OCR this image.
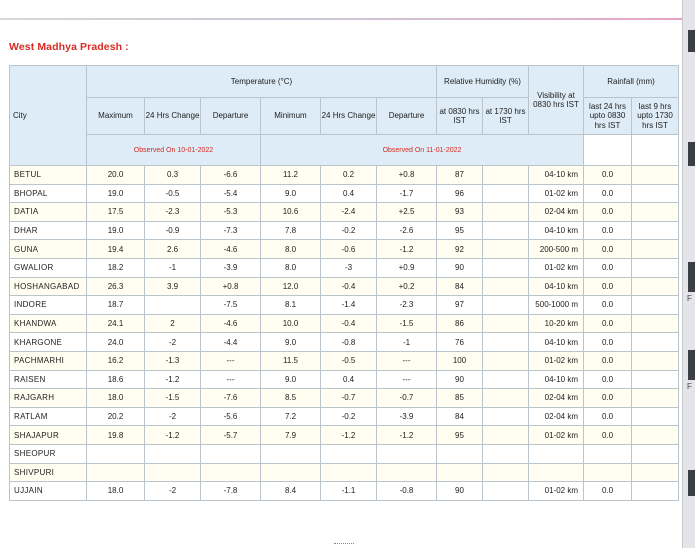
F
F
West Madhya Pradesh :
City	Temperature (°C)						Relative Humidity (%)		Visibility at 0830 hrs IST	Rainfall (mm)	
	Maximum	24 Hrs Change	Departure	Minimum	24 Hrs Change	Departure	at 0830 hrs IST	at 1730 hrs IST		last 24 hrs upto 0830 hrs IST	last 9 hrs upto 1730 hrs IST
	Observed On 10-01-2022			Observed On 11-01-2022							
BETUL	20.0	0.3	-6.6	11.2	0.2	+0.8	87		04-10 km	0.0	
BHOPAL	19.0	-0.5	-5.4	9.0	0.4	-1.7	96		01-02 km	0.0	
DATIA	17.5	-2.3	-5.3	10.6	-2.4	+2.5	93		02-04 km	0.0	
DHAR	19.0	-0.9	-7.3	7.8	-0.2	-2.6	95		04-10 km	0.0	
GUNA	19.4	2.6	-4.6	8.0	-0.6	-1.2	92		200-500 m	0.0	
GWALIOR	18.2	-1	-3.9	8.0	-3	+0.9	90		01-02 km	0.0	
HOSHANGABAD	26.3	3.9	+0.8	12.0	-0.4	+0.2	84		04-10 km	0.0	
INDORE	18.7		-7.5	8.1	-1.4	-2.3	97		500-1000 m	0.0	
KHANDWA	24.1	2	-4.6	10.0	-0.4	-1.5	86		10-20 km	0.0	
KHARGONE	24.0	-2	-4.4	9.0	-0.8	-1	76		04-10 km	0.0	
PACHMARHI	16.2	-1.3	---	11.5	-0.5	---	100		01-02 km	0.0	
RAISEN	18.6	-1.2	---	9.0	0.4	---	90		04-10 km	0.0	
RAJGARH	18.0	-1.5	-7.6	8.5	-0.7	-0.7	85		02-04 km	0.0	
RATLAM	20.2	-2	-5.6	7.2	-0.2	-3.9	84		02-04 km	0.0	
SHAJAPUR	19.8	-1.2	-5.7	7.9	-1.2	-1.2	95		01-02 km	0.0	
SHEOPUR											
SHIVPURI											
UJJAIN	18.0	-2	-7.8	8.4	-1.1	-0.8	90		01-02 km	0.0	
